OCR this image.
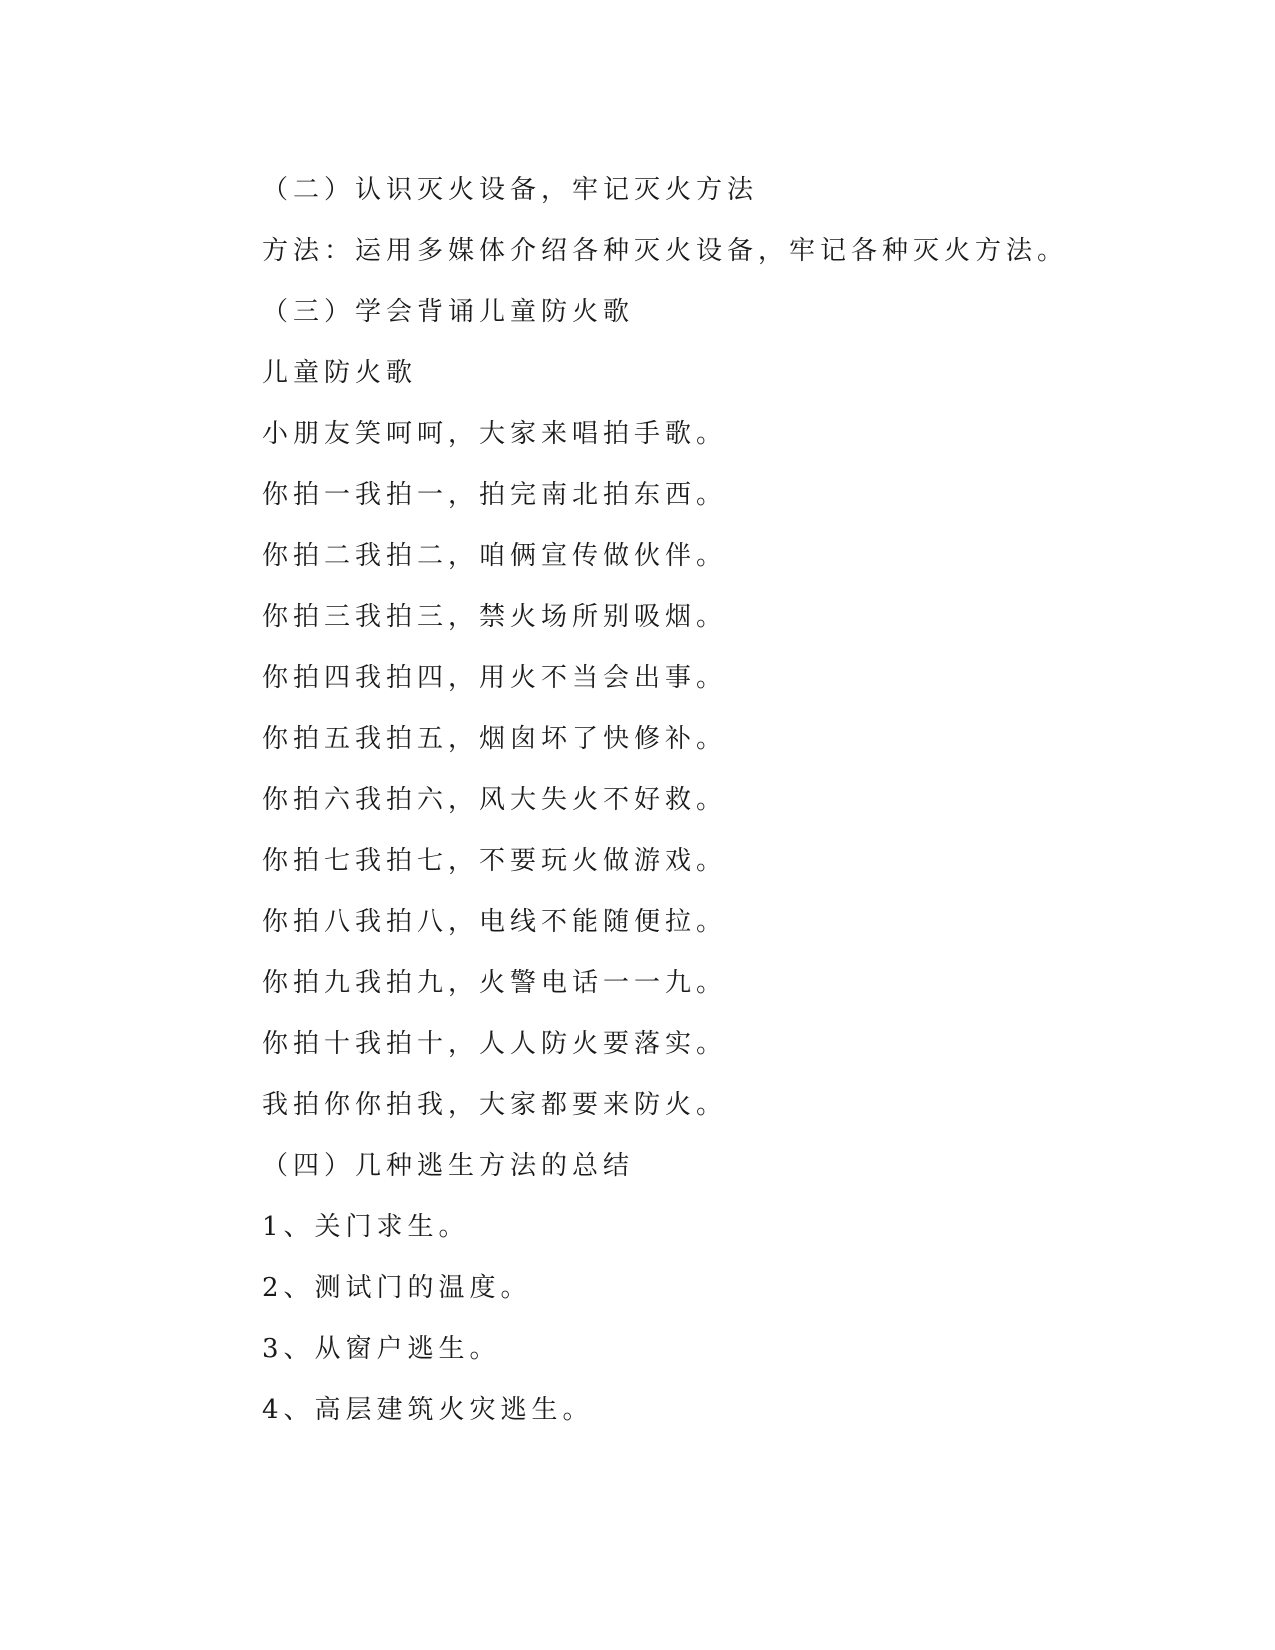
（二）认识灭火设备，牢记灭火方法

方法：运用多媒体介绍各种灭火设备，牢记各种灭火方法。

（三）学会背诵儿童防火歌

儿童防火歌

小朋友笑呵呵，大家来唱拍手歌。

你拍一我拍一，拍完南北拍东西。

你拍二我拍二，咱俩宣传做伙伴。

你拍三我拍三，禁火场所别吸烟。

你拍四我拍四，用火不当会出事。

你拍五我拍五，烟囱坏了快修补。

你拍六我拍六，风大失火不好救。

你拍七我拍七，不要玩火做游戏。

你拍八我拍八，电线不能随便拉。

你拍九我拍九，火警电话一一九。

你拍十我拍十，人人防火要落实。

我拍你你拍我，大家都要来防火。

（四）几种逃生方法的总结

1、关门求生。

2、测试门的温度。

3、从窗户逃生。

4、高层建筑火灾逃生。
